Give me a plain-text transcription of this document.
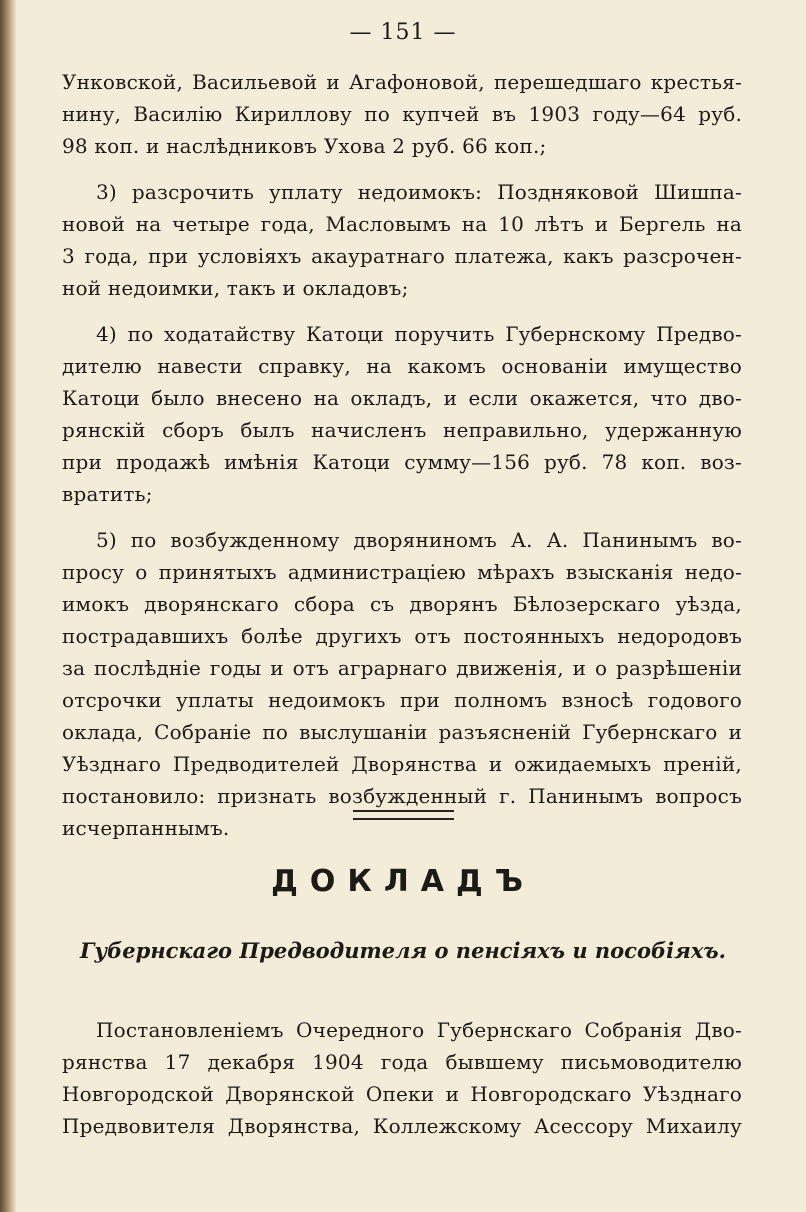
— 151 —
Унковской, Васильевой и Агафоновой, перешедшаго крестья-
нину, Василію Кириллову по купчей въ 1903 году—64 руб.
98 коп. и наслѣдниковъ Ухова 2 руб. 66 коп.;
3) разсрочить уплату недоимокъ: Поздняковой Шишпа-
новой на четыре года, Масловымъ на 10 лѣтъ и Бергель на
3 года, при условіяхъ акауратнаго платежа, какъ разсрочен-
ной недоимки, такъ и окладовъ;
4) по ходатайству Катоци поручить Губернскому Предво-
дителю навести справку, на какомъ основаніи имущество
Катоци было внесено на окладъ, и если окажется, что дво-
рянскій сборъ былъ начисленъ неправильно, удержанную
при продажѣ имѣнія Катоци сумму—156 руб. 78 коп. воз-
вратить;
5) по возбужденному дворяниномъ А. А. Панинымъ во-
просу о принятыхъ администраціею мѣрахъ взысканія недо-
имокъ дворянскаго сбора съ дворянъ Бѣлозерскаго уѣзда,
пострадавшихъ болѣе другихъ отъ постоянныхъ недородовъ
за послѣдніе годы и отъ аграрнаго движенія, и о разрѣшеніи
отсрочки уплаты недоимокъ при полномъ взносѣ годового
оклада, Собраніе по выслушаніи разъясненій Губернскаго и
Уѣзднаго Предводителей Дворянства и ожидаемыхъ преній,
постановило: признать возбужденный г. Панинымъ вопросъ
исчерпаннымъ.
ДОКЛАДЪ
Губернскаго Предводителя о пенсіяхъ и пособіяхъ.
Постановленіемъ Очередного Губернскаго Собранія Дво-
рянства 17 декабря 1904 года бывшему письмоводителю
Новгородской Дворянской Опеки и Новгородскаго Уѣзднаго
Предвовителя Дворянства, Коллежскому Асессору Михаилу
